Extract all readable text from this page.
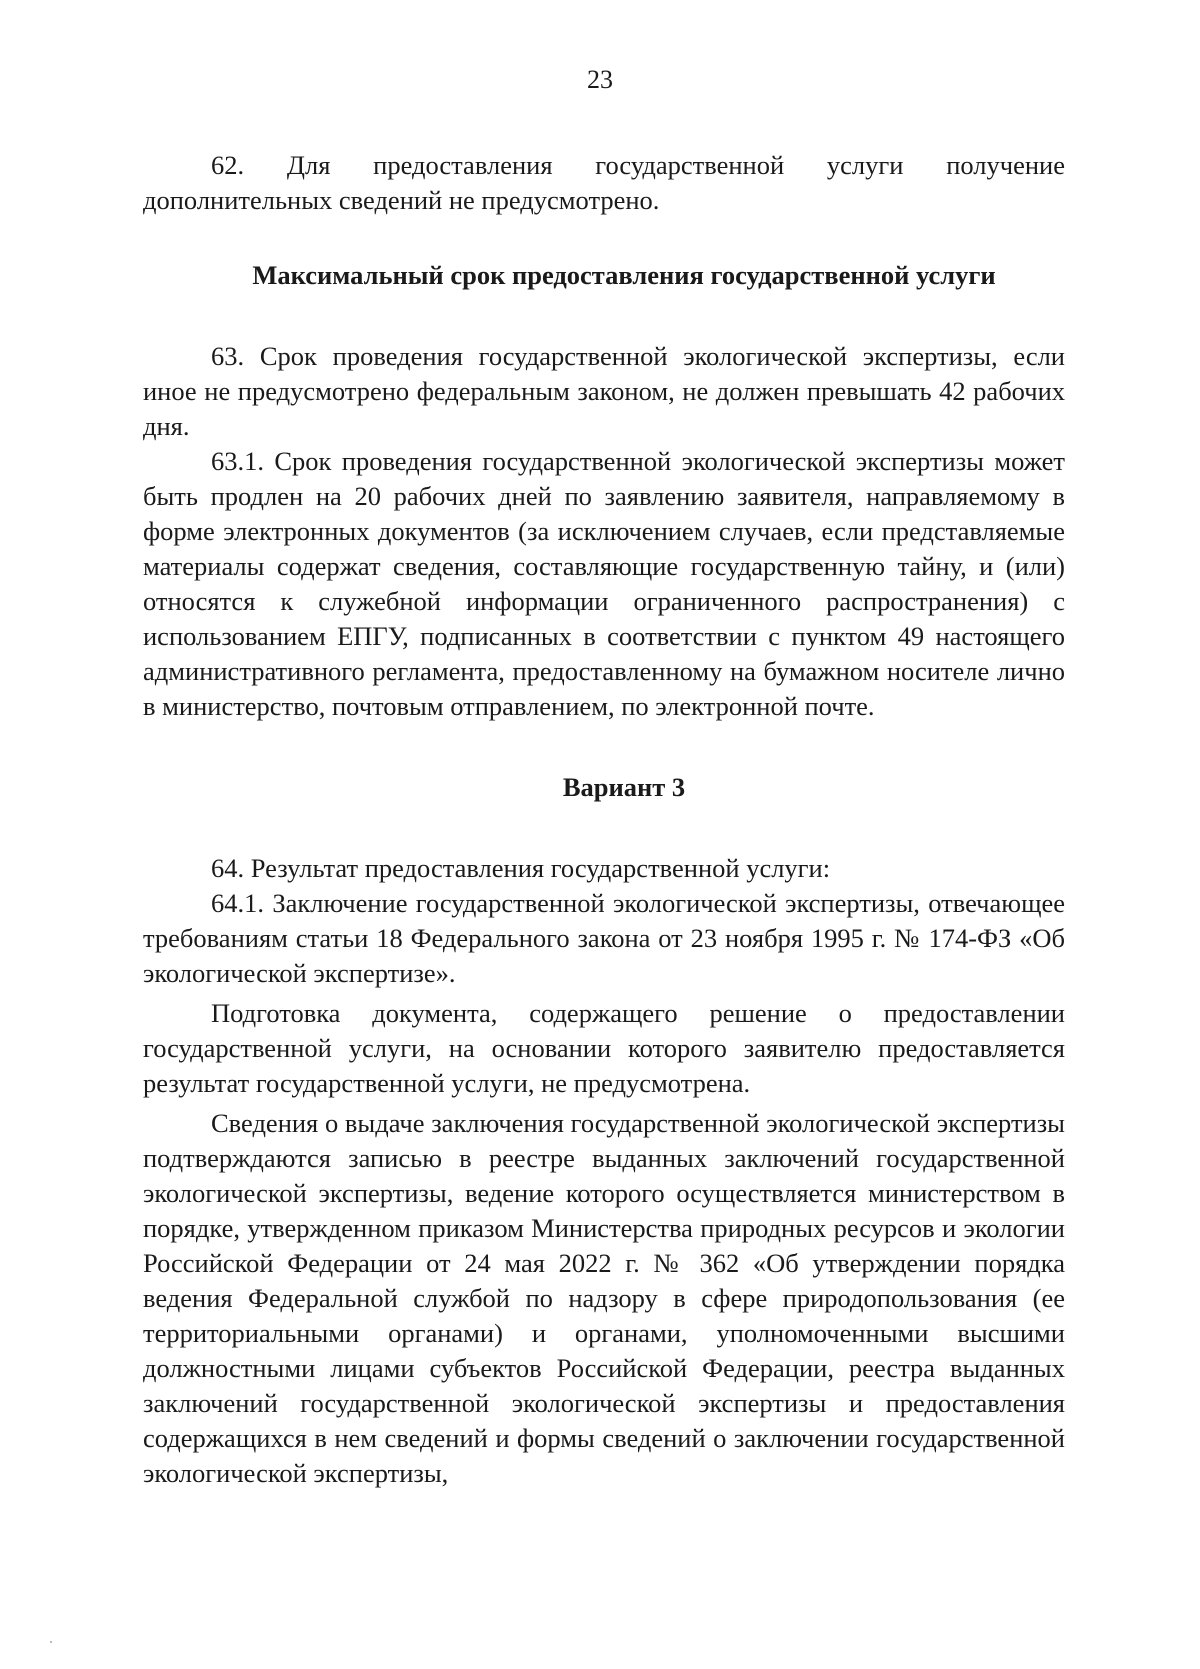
23

62. Для предоставления государственной услуги получение дополнительных сведений не предусмотрено.

Максимальный срок предоставления государственной услуги

63. Срок проведения государственной экологической экспертизы, если иное не предусмотрено федеральным законом, не должен превышать 42 рабочих дня.

63.1. Срок проведения государственной экологической экспертизы может быть продлен на 20 рабочих дней по заявлению заявителя, направляемому в форме электронных документов (за исключением случаев, если представляемые материалы содержат сведения, составляющие государственную тайну, и (или) относятся к служебной информации ограниченного распространения) с использованием ЕПГУ, подписанных в соответствии с пунктом 49 настоящего административного регламента, предоставленному на бумажном носителе лично в министерство, почтовым отправлением, по электронной почте.

Вариант 3

64. Результат предоставления государственной услуги:

64.1. Заключение государственной экологической экспертизы, отвечающее требованиям статьи 18 Федерального закона от 23 ноября 1995 г. № 174-ФЗ «Об экологической экспертизе».

Подготовка документа, содержащего решение о предоставлении государственной услуги, на основании которого заявителю предоставляется результат государственной услуги, не предусмотрена.

Сведения о выдаче заключения государственной экологической экспертизы подтверждаются записью в реестре выданных заключений государственной экологической экспертизы, ведение которого осуществляется министерством в порядке, утвержденном приказом Министерства природных ресурсов и экологии Российской Федерации от 24 мая 2022 г. № 362 «Об утверждении порядка ведения Федеральной службой по надзору в сфере природопользования (ее территориальными органами) и органами, уполномоченными высшими должностными лицами субъектов Российской Федерации, реестра выданных заключений государственной экологической экспертизы и предоставления содержащихся в нем сведений и формы сведений о заключении государственной экологической экспертизы,
